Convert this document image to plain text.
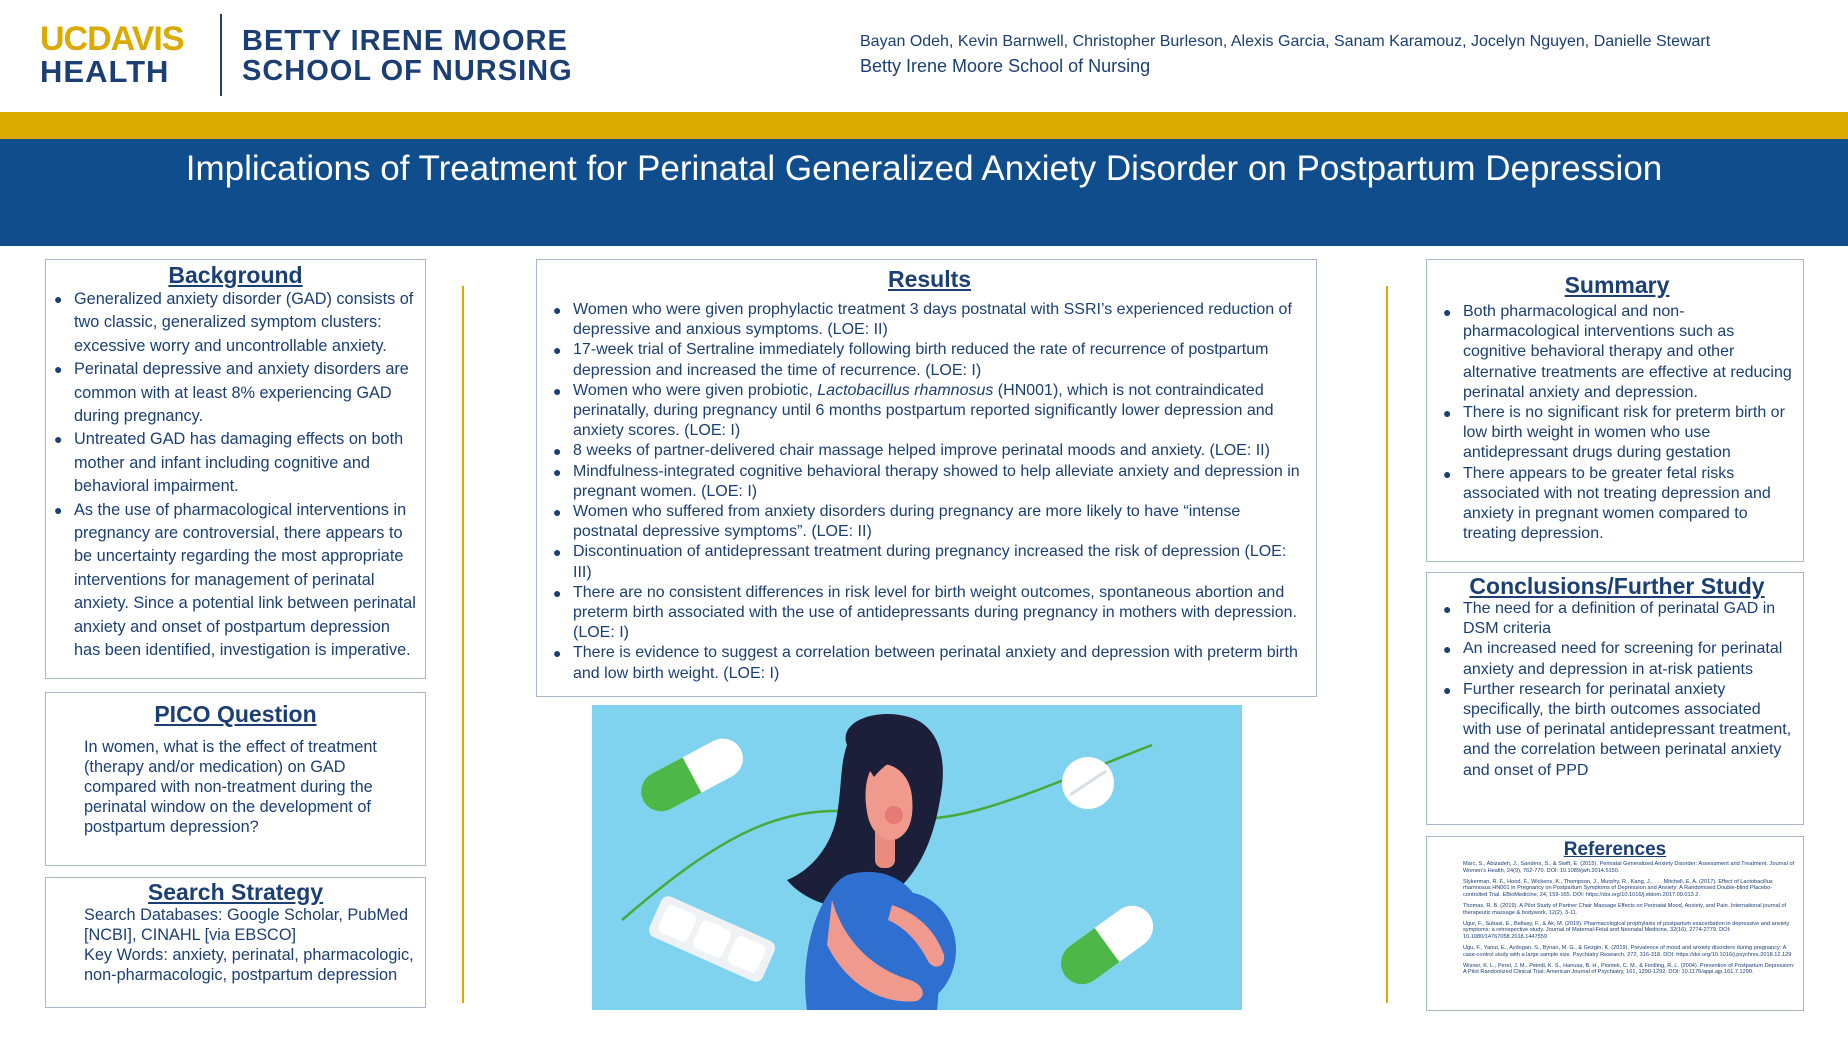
UCDAVIS
HEALTH
BETTY IRENE MOORE
SCHOOL OF NURSING
Bayan Odeh, Kevin Barnwell, Christopher Burleson, Alexis Garcia, Sanam Karamouz, Jocelyn Nguyen, Danielle Stewart
Betty Irene Moore School of Nursing
Implications of Treatment for Perinatal Generalized Anxiety Disorder on Postpartum Depression
Background
● Generalized anxiety disorder (GAD) consists of two classic, generalized symptom clusters: excessive worry and uncontrollable anxiety.
● Perinatal depressive and anxiety disorders are common with at least 8% experiencing GAD during pregnancy.
● Untreated GAD has damaging effects on both mother and infant including cognitive and behavioral impairment.
● As the use of pharmacological interventions in pregnancy are controversial, there appears to be uncertainty regarding the most appropriate interventions for management of perinatal anxiety. Since a potential link between perinatal anxiety and onset of postpartum depression has been identified, investigation is imperative.
PICO Question
In women, what is the effect of treatment (therapy and/or medication) on GAD compared with non-treatment during the perinatal window on the development of postpartum depression?
Search Strategy
Search Databases: Google Scholar, PubMed [NCBI], CINAHL [via EBSCO]
Key Words: anxiety, perinatal, pharmacologic, non-pharmacologic, postpartum depression
Results
● Women who were given prophylactic treatment 3 days postnatal with SSRI’s experienced reduction of depressive and anxious symptoms. (LOE: II)
● 17-week trial of Sertraline immediately following birth reduced the rate of recurrence of postpartum depression and increased the time of recurrence. (LOE: I)
● Women who were given probiotic, Lactobacillus rhamnosus (HN001), which is not contraindicated perinatally, during pregnancy until 6 months postpartum reported significantly lower depression and anxiety scores. (LOE: I)
● 8 weeks of partner-delivered chair massage helped improve perinatal moods and anxiety. (LOE: II)
● Mindfulness-integrated cognitive behavioral therapy showed to help alleviate anxiety and depression in pregnant women. (LOE: I)
● Women who suffered from anxiety disorders during pregnancy are more likely to have “intense postnatal depressive symptoms”. (LOE: II)
● Discontinuation of antidepressant treatment during pregnancy increased the risk of depression (LOE: III)
● There are no consistent differences in risk level for birth weight outcomes, spontaneous abortion and preterm birth associated with the use of antidepressants during pregnancy in mothers with depression. (LOE: I)
● There is evidence to suggest a correlation between perinatal anxiety and depression with preterm birth and low birth weight. (LOE: I)
Summary
● Both pharmacological and non-pharmacological interventions such as cognitive behavioral therapy and other alternative treatments are effective at reducing perinatal anxiety and depression.
● There is no significant risk for preterm birth or low birth weight in women who use antidepressant drugs during gestation
● There appears to be greater fetal risks associated with not treating depression and anxiety in pregnant women compared to treating depression.
Conclusions/Further Study
● The need for a definition of perinatal GAD in DSM criteria
● An increased need for screening for perinatal anxiety and depression in at-risk patients
● Further research for perinatal anxiety specifically, the birth outcomes associated with use of perinatal antidepressant treatment, and the correlation between perinatal anxiety and onset of PPD
References
Marc, S., Abizadeh, J., Sanders, S., & Swift, E. (2015). Perinatal Generalized Anxiety Disorder: Assessment and Treatment. Journal of Women's Health, 24(9), 762-770. DOI: 10.1089/jwh.2014.5150.
Slykerman, R. F., Hood, F., Wickens, K., Thompson, J., Murphy, R., Kang, J., . . . Mitchell, E. A. (2017). Effect of Lactobacillus rhamnosus HN001 in Pregnancy on Postpartum Symptoms of Depression and Anxiety: A Randomised Double-blind Placebo-controlled Trial. EBioMedicine, 24, 159-165. DOI: https://doi.org/10.1016/j.ebiom.2017.09.013 2.
Thomas, R. B. (2019). A Pilot Study of Partner Chair Massage Effects on Perinatal Mood, Anxiety, and Pain. International journal of therapeutic massage & bodywork, 12(2), 3-11.
Ugur, F., Subasi, E., Beltasy, F., & Ak, M. (2019). Pharmacological prophylaxis of postpartum exacerbation in depressive and anxiety symptoms: a retrospective study. Journal of Maternal-Fetal and Neonatal Medicine, 32(16), 2774-2779. DOI: 10.1080/14767058.2018.1447559
Ugu, F., Yanut, E., Aydogan, S., Bynan, M. G., & Gezgin, K. (2019). Prevalence of mood and anxiety disorders during pregnancy: A case-control study with a large sample size. Psychiatry Research, 272, 316-318. DOI: https://doi.org/10.1016/j.psychres.2018.12.129
Wisner, K. L., Perel, J. M., Peindl, K. S., Hanusa, B. H., Piontek, C. M., & Findling, R. L. (2004). Prevention of Postpartum Depression: A Pilot Randomized Clinical Trial. American Journal of Psychiatry, 161, 1290-1292. DOI: 10.1176/appi.ajp.161.7.1290.
